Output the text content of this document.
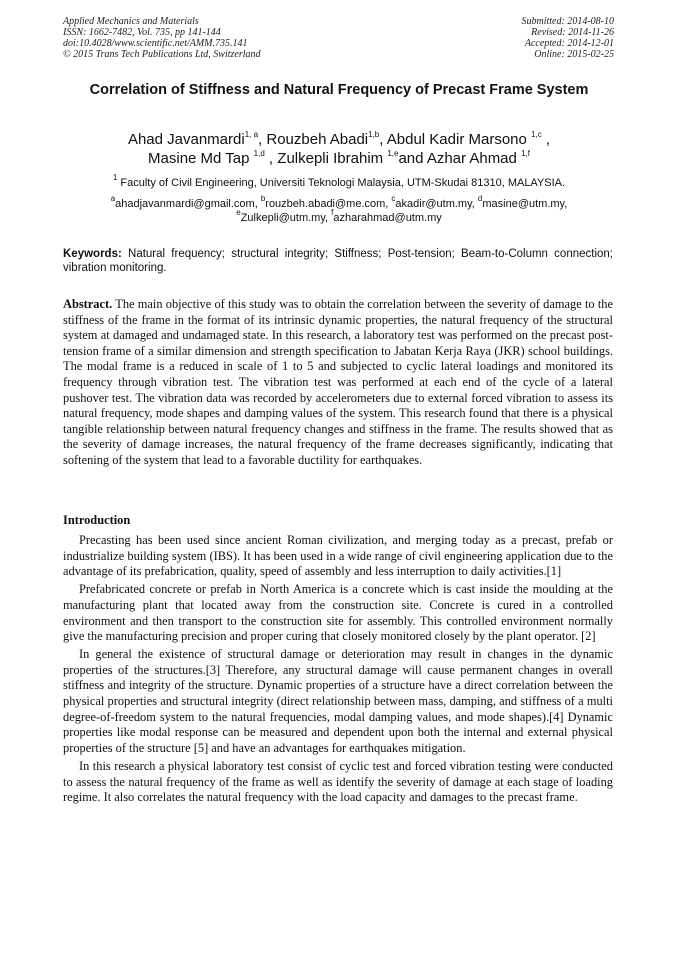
Applied Mechanics and Materials
ISSN: 1662-7482, Vol. 735, pp 141-144
doi:10.4028/www.scientific.net/AMM.735.141
© 2015 Trans Tech Publications Ltd, Switzerland
Submitted: 2014-08-10
Revised: 2014-11-26
Accepted: 2014-12-01
Online: 2015-02-25
Correlation of Stiffness and Natural Frequency of Precast Frame System
Ahad Javanmardi$^{1, a}$, Rouzbeh Abadi$^{1,b}$, Abdul Kadir Marsono $^{1,c}$ ,
Masine Md Tap $^{1,d}$ , Zulkepli Ibrahim $^{1,e}$and Azhar Ahmad $^{1,f}$
$^1$ Faculty of Civil Engineering, Universiti Teknologi Malaysia, UTM-Skudai 81310, MALAYSIA.
$^a$ahadjavanmardi@gmail.com, $^b$rouzbeh.abadi@me.com, $^c$akadir@utm.my, $^d$masine@utm.my,
$^e$Zulkepli@utm.my, $^f$azharahmad@utm.my
Keywords: Natural frequency; structural integrity; Stiffness; Post-tension; Beam-to-Column connection; vibration monitoring.
Abstract. The main objective of this study was to obtain the correlation between the severity of damage to the stiffness of the frame in the format of its intrinsic dynamic properties, the natural frequency of the structural system at damaged and undamaged state. In this research, a laboratory test was performed on the precast post-tension frame of a similar dimension and strength specification to Jabatan Kerja Raya (JKR) school buildings. The modal frame is a reduced in scale of 1 to 5 and subjected to cyclic lateral loadings and monitored its frequency through vibration test. The vibration test was performed at each end of the cycle of a lateral pushover test. The vibration data was recorded by accelerometers due to external forced vibration to assess its natural frequency, mode shapes and damping values of the system. This research found that there is a physical tangible relationship between natural frequency changes and stiffness in the frame. The results showed that as the severity of damage increases, the natural frequency of the frame decreases significantly, indicating that softening of the system that lead to a favorable ductility for earthquakes.
Introduction

Precasting has been used since ancient Roman civilization, and merging today as a precast, prefab or industrialize building system (IBS). It has been used in a wide range of civil engineering application due to the advantage of its prefabrication, quality, speed of assembly and less interruption to daily activities.[1]

Prefabricated concrete or prefab in North America is a concrete which is cast inside the moulding at the manufacturing plant that located away from the construction site. Concrete is cured in a controlled environment and then transport to the construction site for assembly. This controlled environment normally give the manufacturing precision and proper curing that closely monitored closely by the plant operator. [2]

In general the existence of structural damage or deterioration may result in changes in the dynamic properties of the structures.[3] Therefore, any structural damage will cause permanent changes in overall stiffness and integrity of the structure. Dynamic properties of a structure have a direct correlation between the physical properties and structural integrity (direct relationship between mass, damping, and stiffness of a multi degree-of-freedom system to the natural frequencies, modal damping values, and mode shapes).[4] Dynamic properties like modal response can be measured and dependent upon both the internal and external physical properties of the structure [5] and have an advantages for earthquakes mitigation.

In this research a physical laboratory test consist of cyclic test and forced vibration testing were conducted to assess the natural frequency of the frame as well as identify the severity of damage at each stage of loading regime. It also correlates the natural frequency with the load capacity and damages to the precast frame.
